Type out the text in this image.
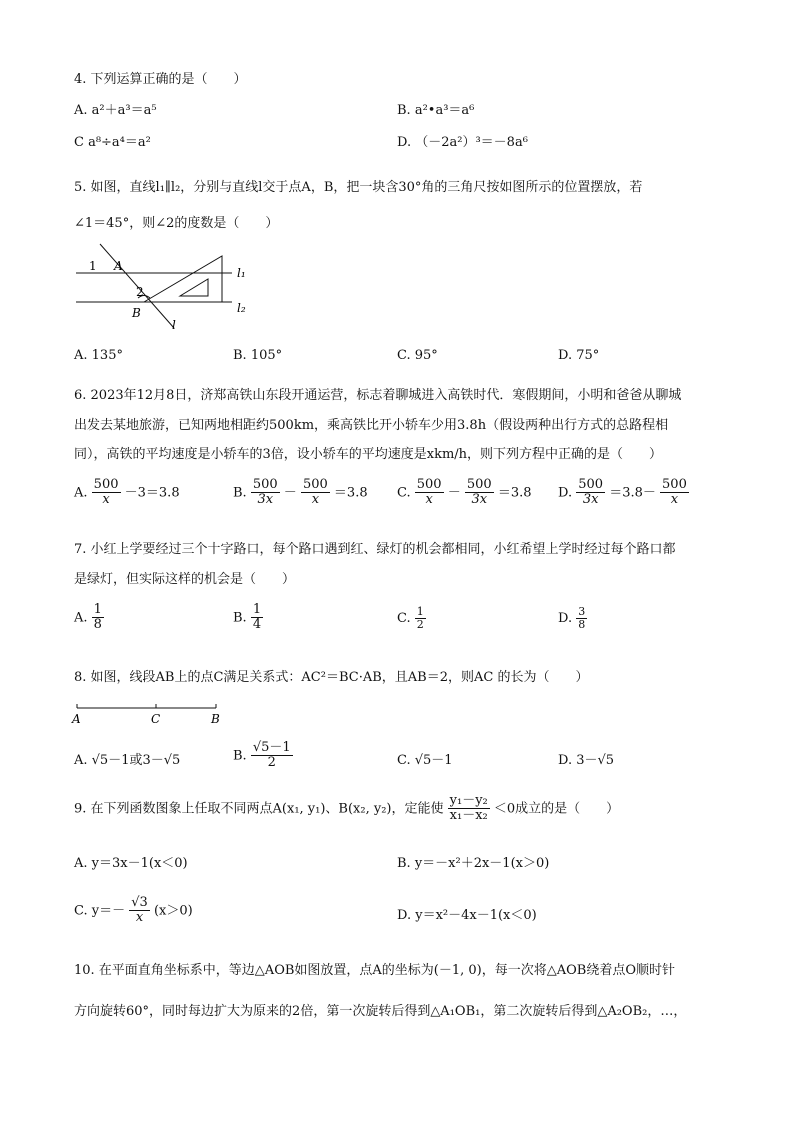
4. 下列运算正确的是（　　）
A. a²＋a³＝a⁵	B. a²•a³＝a⁶
C a⁸÷a⁴＝a²	D. （－2a²）³＝－8a⁶
5. 如图，直线l₁∥l₂，分别与直线l交于点A，B，把一块含30°角的三角尺按如图所示的位置摆放，若
∠1＝45°，则∠2的度数是（　　）
1 A
2
B
l
l₁
l₂
A. 135°	B. 105°	C. 95°	D. 75°
6. 2023年12月8日，济郑高铁山东段开通运营，标志着聊城进入高铁时代．寒假期间，小明和爸爸从聊城
出发去某地旅游，已知两地相距约500km，乘高铁比开小轿车少用3.8h（假设两种出行方式的总路程相
同），高铁的平均速度是小轿车的3倍，设小轿车的平均速度是xkm/h，则下列方程中正确的是（　　）
A. $\frac{500}{x} -3=3.8$	B. $\frac{500}{3x} - \frac{500}{x} =3.8$ C. $\frac{500}{x} - \frac{500}{3x} =3.8$ D. $\frac{500}{3x} =3.8- \frac{500}{x}$
7. 小红上学要经过三个十字路口，每个路口遇到红、绿灯的机会都相同，小红希望上学时经过每个路口都
是绿灯，但实际这样的机会是（　　）
A. $\frac{1}{8}$	B. $\frac{1}{4}$	C. $\frac{1}{2}$	D. $\frac{3}{8}$
8. 如图，线段AB上的点C满足关系式：AC²＝BC·AB，且AB＝2，则AC 的长为（　　）
A	C	B
A. √5－1或3－√5	B. $\frac{√5-1}{2}$	C. √5－1	D. 3－√5
9. 在下列函数图象上任取不同两点A(x₁, y₁)、B(x₂, y₂)，定能使 $\frac{\text{y₁－y₂}}{\text{x₁－x₂}} <0$成立的是（　　）
A. y＝3x－1(x＜0)	B. y＝－x²＋2x－1(x＞0)
C. $y=- \frac{√3}{x} (x>0)$	D. y＝x²－4x－1(x＜0)
10. 在平面直角坐标系中，等边△AOB如图放置，点A的坐标为(－1, 0)，每一次将△AOB绕着点O顺时针
方向旋转60°，同时每边扩大为原来的2倍，第一次旋转后得到△A₁OB₁，第二次旋转后得到△A₂OB₂，…，
